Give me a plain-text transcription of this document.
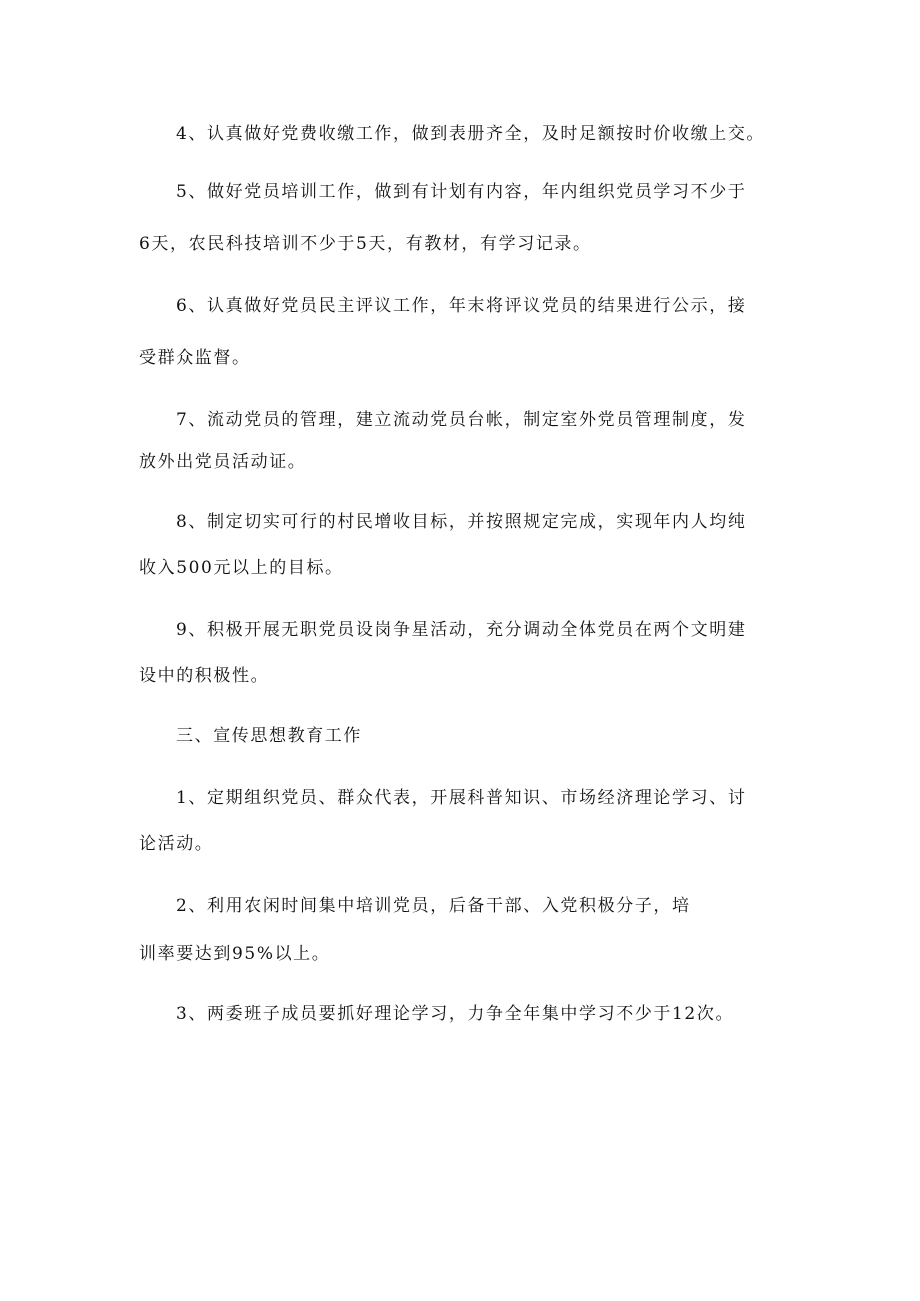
4、认真做好党费收缴工作，做到表册齐全，及时足额按时价收缴上交。
5、做好党员培训工作，做到有计划有内容，年内组织党员学习不少于
6天，农民科技培训不少于5天，有教材，有学习记录。
6、认真做好党员民主评议工作，年末将评议党员的结果进行公示，接
受群众监督。
7、流动党员的管理，建立流动党员台帐，制定室外党员管理制度，发
放外出党员活动证。
8、制定切实可行的村民增收目标，并按照规定完成，实现年内人均纯
收入500元以上的目标。
9、积极开展无职党员设岗争星活动，充分调动全体党员在两个文明建
设中的积极性。
三、宣传思想教育工作
1、定期组织党员、群众代表，开展科普知识、市场经济理论学习、讨
论活动。
2、利用农闲时间集中培训党员，后备干部、入党积极分子，培
训率要达到95%以上。
3、两委班子成员要抓好理论学习，力争全年集中学习不少于12次。
